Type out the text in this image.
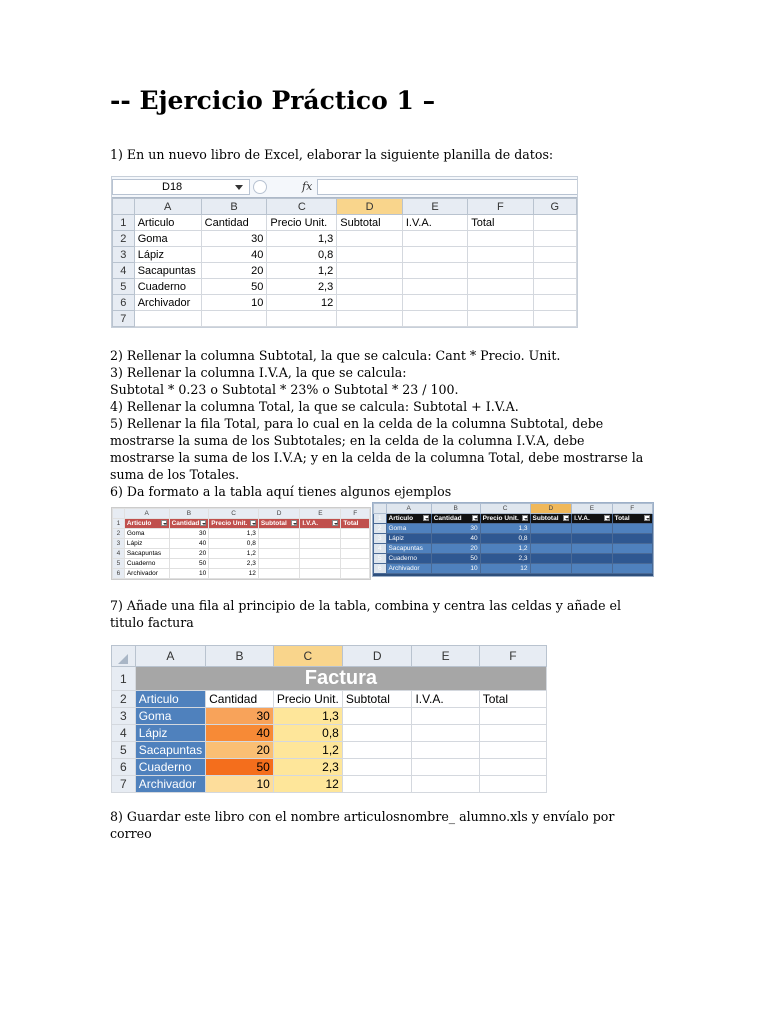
-- Ejercicio Práctico 1 –
1) En un nuevo libro de Excel, elaborar la siguiente planilla de datos:
D18	fx
	A	B	C	D	E	F	G
1	Articulo	Cantidad	Precio Unit.	Subtotal	I.V.A.	Total	
2	Goma	30	1,3				
3	Lápiz	40	0,8				
4	Sacapuntas	20	1,2				
5	Cuaderno	50	2,3				
6	Archivador	10	12				
7							
2) Rellenar la columna Subtotal, la que se calcula: Cant * Precio. Unit.
3) Rellenar la columna I.V.A, la que se calcula:
Subtotal * 0.23 o Subtotal * 23% o Subtotal * 23 / 100.
4) Rellenar la columna Total, la que se calcula: Subtotal + I.V.A.
5) Rellenar la fila Total, para lo cual en la celda de la columna Subtotal, debe
mostrarse la suma de los Subtotales; en la celda de la columna I.V.A, debe
mostrarse la suma de los I.V.A; y en la celda de la columna Total, debe mostrarse la
suma de los Totales.
6) Da formato a la tabla aquí tienes algunos ejemplos
	A	B	C	D	E	F
1	Articulo	Cantidad	Precio Unit.	Subtotal	I.V.A.	Total
2	Goma	30	1,3			
3	Lápiz	40	0,8			
4	Sacapuntas	20	1,2			
5	Cuaderno	50	2,3			
6	Archivador	10	12			
	A	B	C	D	E	F
1	Articulo	Cantidad	Precio Unit.	Subtotal	I.V.A.	Total

2	Goma	30	1,3			
3	Lápiz	40	0,8			
4	Sacapuntas	20	1,2			
5	Cuaderno	50	2,3			
6	Archivador	10	12			
7) Añade una fila al principio de la tabla, combina y centra las celdas y añade el
titulo factura
	A	B	C	D	E	F
1	Factura					
2	Articulo	Cantidad	Precio Unit.	Subtotal	I.V.A.	Total
3	Goma	30	1,3			
4	Lápiz	40	0,8			
5	Sacapuntas	20	1,2			
6	Cuaderno	50	2,3			
7	Archivador	10	12			
8) Guardar este libro con el nombre articulosnombre_ alumno.xls y envíalo por
correo
